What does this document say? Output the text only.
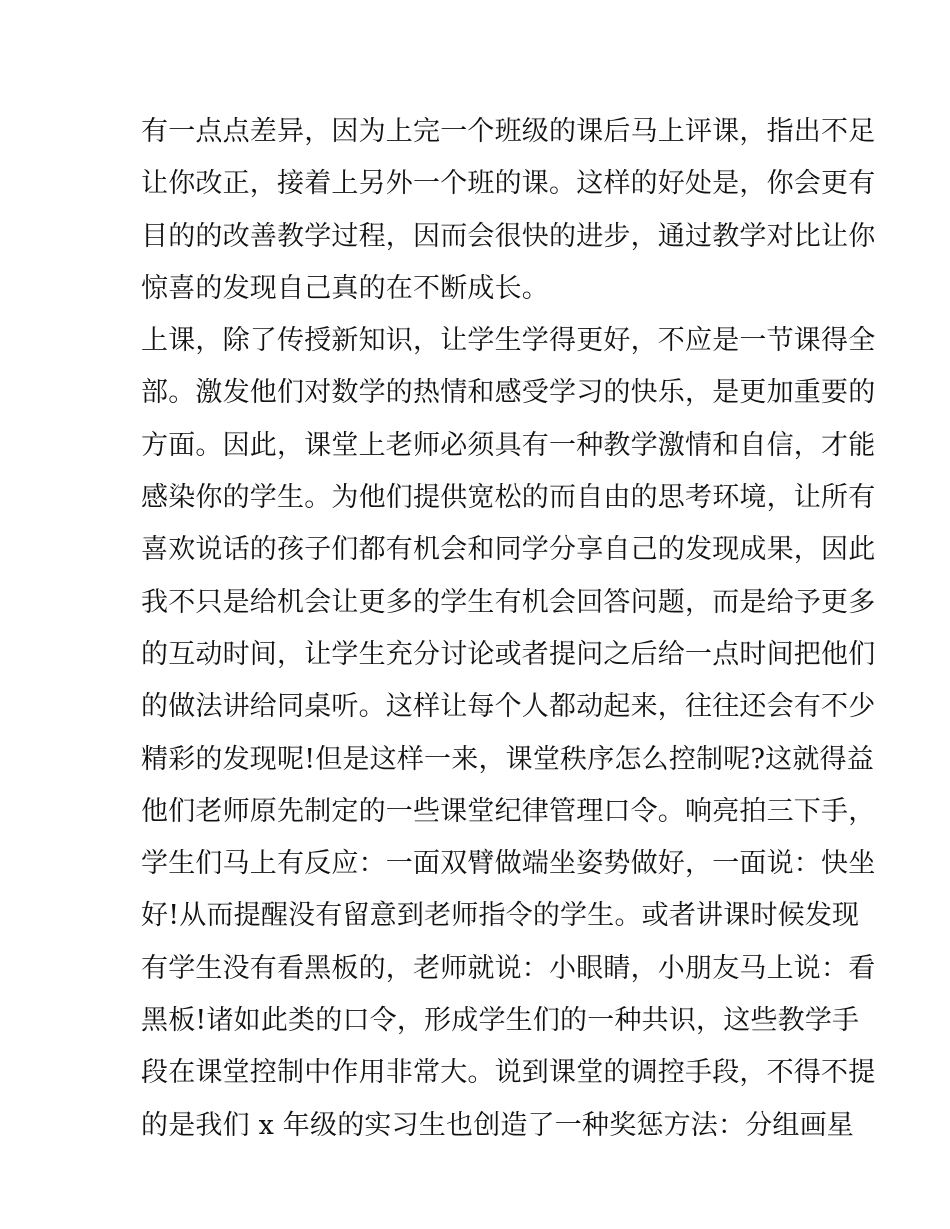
有一点点差异，因为上完一个班级的课后马上评课，指出不足
让你改正，接着上另外一个班的课。这样的好处是，你会更有
目的的改善教学过程，因而会很快的进步，通过教学对比让你
惊喜的发现自己真的在不断成长。
上课，除了传授新知识，让学生学得更好，不应是一节课得全
部。激发他们对数学的热情和感受学习的快乐，是更加重要的
方面。因此，课堂上老师必须具有一种教学激情和自信，才能
感染你的学生。为他们提供宽松的而自由的思考环境，让所有
喜欢说话的孩子们都有机会和同学分享自己的发现成果，因此
我不只是给机会让更多的学生有机会回答问题，而是给予更多
的互动时间，让学生充分讨论或者提问之后给一点时间把他们
的做法讲给同桌听。这样让每个人都动起来，往往还会有不少
精彩的发现呢!但是这样一来，课堂秩序怎么控制呢?这就得益
他们老师原先制定的一些课堂纪律管理口令。响亮拍三下手，
学生们马上有反应：一面双臂做端坐姿势做好，一面说：快坐
好!从而提醒没有留意到老师指令的学生。或者讲课时候发现
有学生没有看黑板的，老师就说：小眼睛，小朋友马上说：看
黑板!诸如此类的口令，形成学生们的一种共识，这些教学手
段在课堂控制中作用非常大。说到课堂的调控手段，不得不提
的是我们 x 年级的实习生也创造了一种奖惩方法：分组画星
